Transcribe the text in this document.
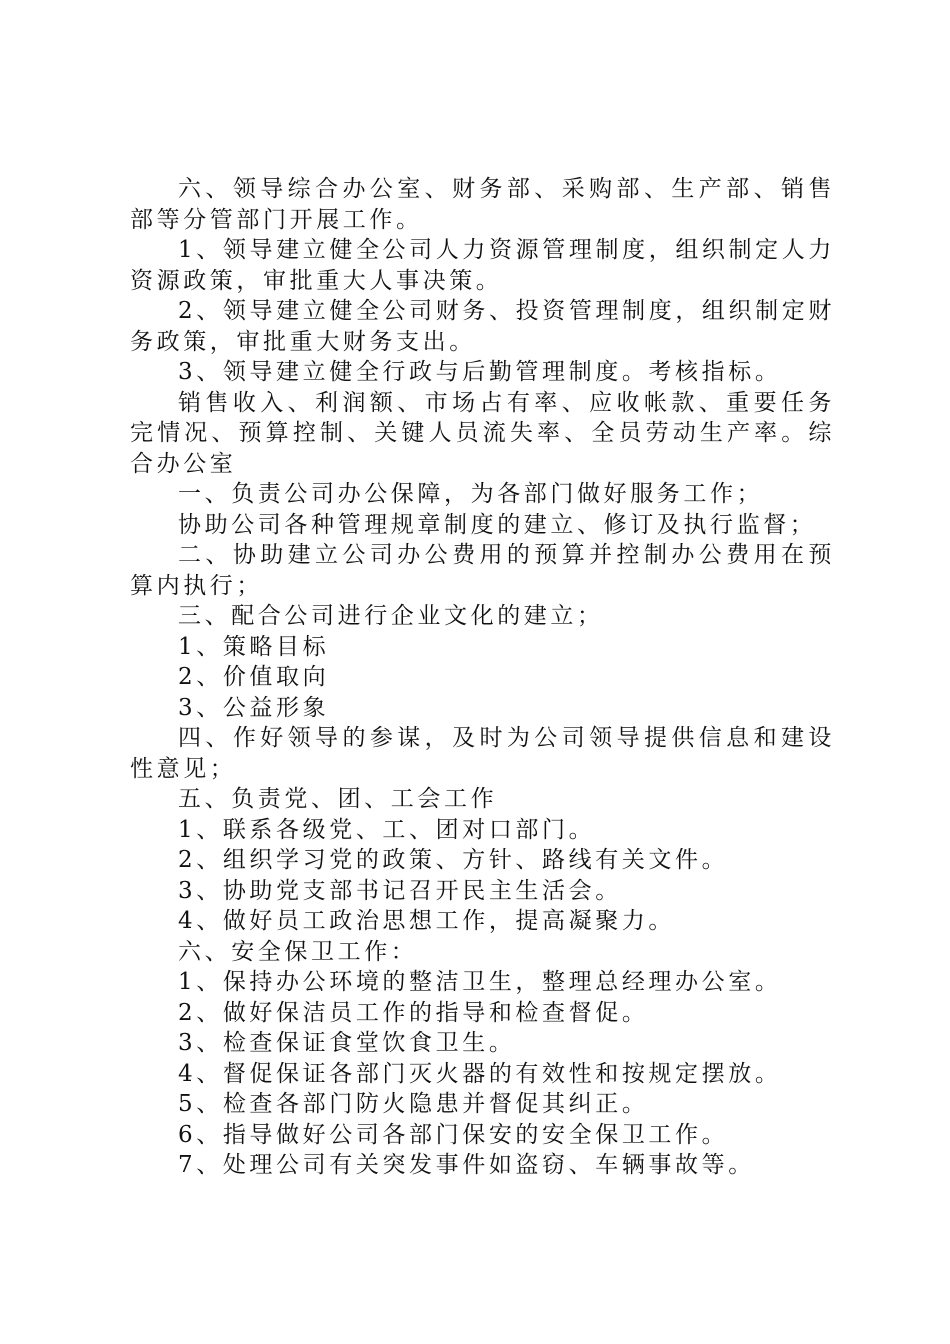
六、领导综合办公室、财务部、采购部、生产部、销售部等分管部门开展工作。

1、领导建立健全公司人力资源管理制度，组织制定人力资源政策，审批重大人事决策。

2、领导建立健全公司财务、投资管理制度，组织制定财务政策，审批重大财务支出。

3、领导建立健全行政与后勤管理制度。考核指标。

销售收入、利润额、市场占有率、应收帐款、重要任务完情况、预算控制、关键人员流失率、全员劳动生产率。综合办公室

一、负责公司办公保障，为各部门做好服务工作；

协助公司各种管理规章制度的建立、修订及执行监督；

二、协助建立公司办公费用的预算并控制办公费用在预算内执行；

三、配合公司进行企业文化的建立；

1、策略目标

2、价值取向

3、公益形象

四、作好领导的参谋，及时为公司领导提供信息和建设性意见；

五、负责党、团、工会工作

1、联系各级党、工、团对口部门。

2、组织学习党的政策、方针、路线有关文件。

3、协助党支部书记召开民主生活会。

4、做好员工政治思想工作，提高凝聚力。

六、安全保卫工作：

1、保持办公环境的整洁卫生，整理总经理办公室。

2、做好保洁员工作的指导和检查督促。

3、检查保证食堂饮食卫生。

4、督促保证各部门灭火器的有效性和按规定摆放。

5、检查各部门防火隐患并督促其纠正。

6、指导做好公司各部门保安的安全保卫工作。

7、处理公司有关突发事件如盗窃、车辆事故等。
